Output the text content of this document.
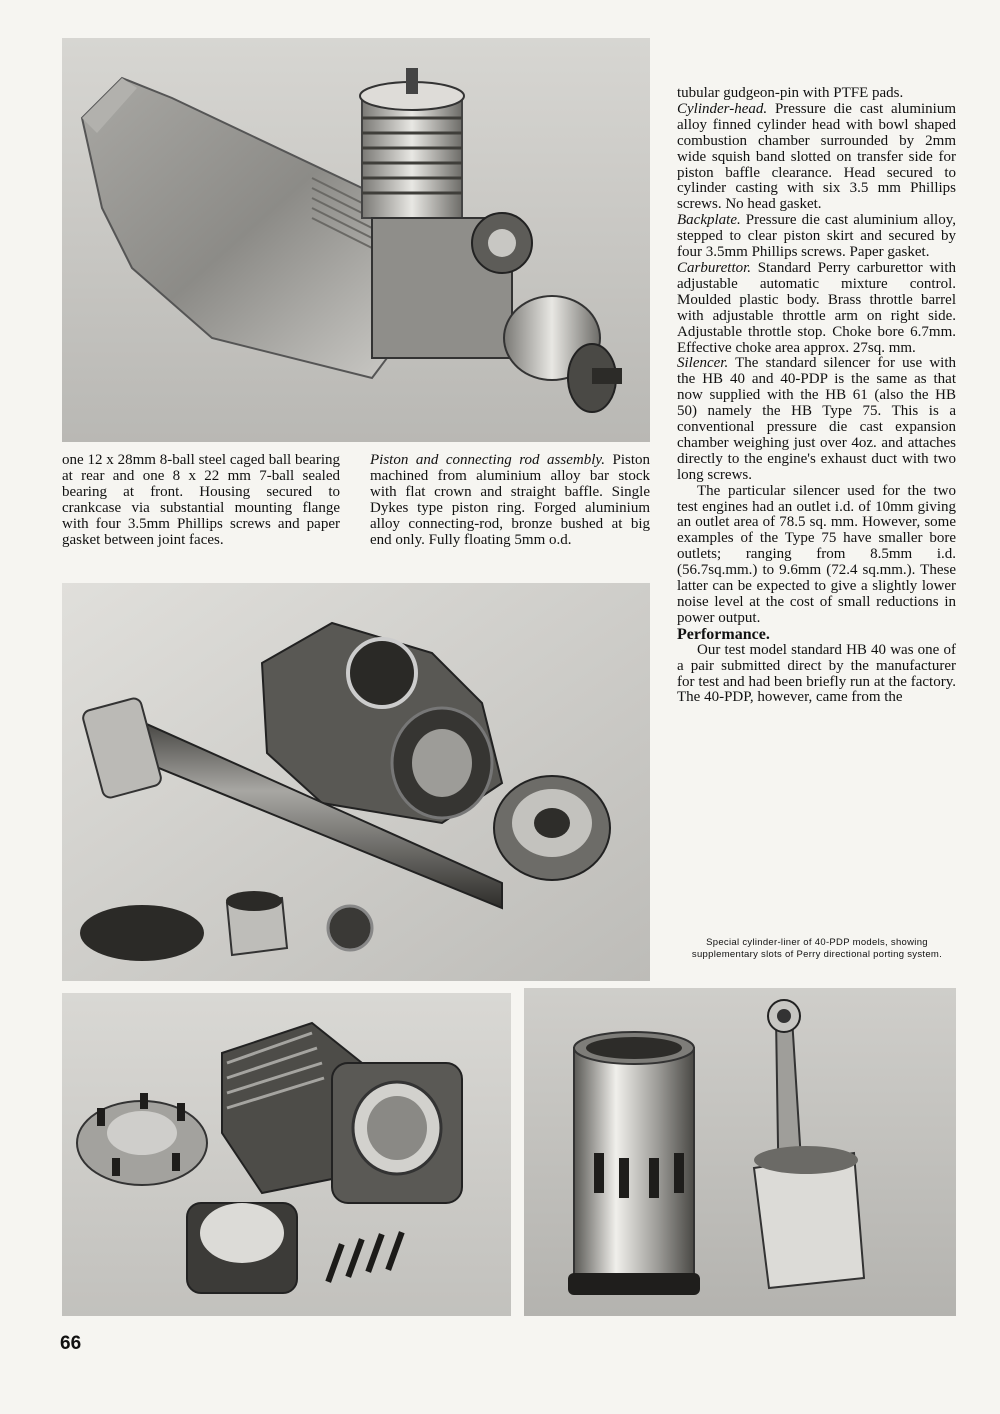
one 12 x 28mm 8-ball steel caged ball bearing at rear and one 8 x 22 mm 7-ball sealed bearing at front. Housing secured to crankcase via substantial mounting flange with four 3.5mm Phillips screws and paper gasket between joint faces.

Piston and connecting rod assembly. Piston machined from aluminium alloy bar stock with flat crown and straight baffle. Single Dykes type piston ring. Forged aluminium alloy connecting-rod, bronze bushed at big end only. Fully floating 5mm o.d.

tubular gudgeon-pin with PTFE pads.

Cylinder-head. Pressure die cast aluminium alloy finned cylinder head with bowl shaped combustion chamber surrounded by 2mm wide squish band slotted on transfer side for piston baffle clearance. Head secured to cylinder casting with six 3.5 mm Phillips screws. No head gasket.

Backplate. Pressure die cast aluminium alloy, stepped to clear piston skirt and secured by four 3.5mm Phillips screws. Paper gasket.

Carburettor. Standard Perry carburettor with adjustable automatic mixture control. Moulded plastic body. Brass throttle barrel with adjustable throttle arm on right side. Adjustable throttle stop. Choke bore 6.7mm. Effective choke area approx. 27sq. mm.

Silencer. The standard silencer for use with the HB 40 and 40-PDP is the same as that now supplied with the HB 61 (also the HB 50) namely the HB Type 75. This is a conventional pressure die cast expansion chamber weighing just over 4oz. and attaches directly to the engine's exhaust duct with two long screws.

The particular silencer used for the two test engines had an outlet i.d. of 10mm giving an outlet area of 78.5 sq. mm. However, some examples of the Type 75 have smaller bore outlets; ranging from 8.5mm i.d. (56.7sq.mm.) to 9.6mm (72.4 sq.mm.). These latter can be expected to give a slightly lower noise level at the cost of small reductions in power output.

Performance.

Our test model standard HB 40 was one of a pair submitted direct by the manufacturer for test and had been briefly run at the factory. The 40-PDP, however, came from the

Special cylinder-liner of 40-PDP models, showing supplementary slots of Perry directional porting system.
66
